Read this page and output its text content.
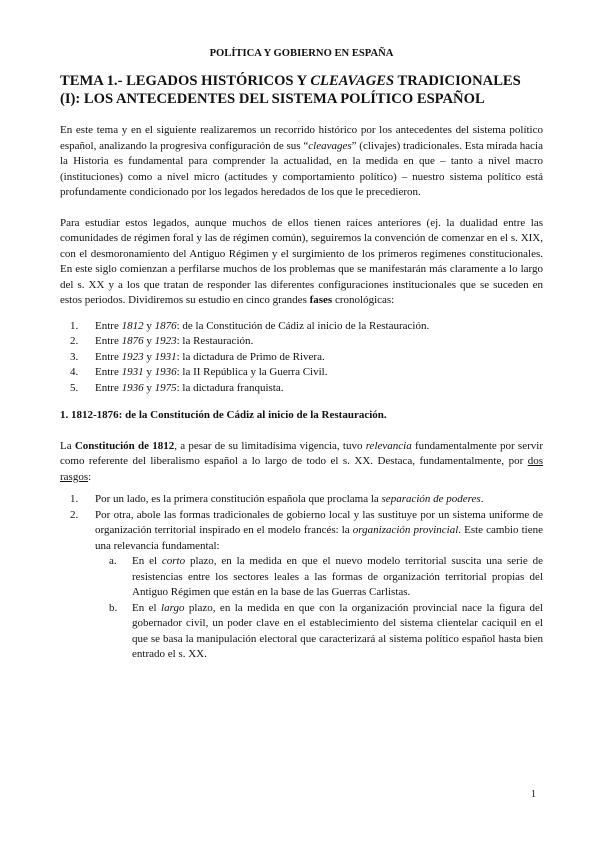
POLÍTICA Y GOBIERNO EN ESPAÑA
TEMA 1.- LEGADOS HISTÓRICOS Y CLEAVAGES TRADICIONALES (I): LOS ANTECEDENTES DEL SISTEMA POLÍTICO ESPAÑOL

En este tema y en el siguiente realizaremos un recorrido histórico por los antecedentes del sistema político español, analizando la progresiva configuración de sus “cleavages” (clivajes) tradicionales. Esta mirada hacia la Historia es fundamental para comprender la actualidad, en la medida en que – tanto a nivel macro (instituciones) como a nivel micro (actitudes y comportamiento político) – nuestro sistema político está profundamente condicionado por los legados heredados de los que le precedieron.

Para estudiar estos legados, aunque muchos de ellos tienen raíces anteriores (ej. la dualidad entre las comunidades de régimen foral y las de régimen común), seguiremos la convención de comenzar en el s. XIX, con el desmoronamiento del Antiguo Régimen y el surgimiento de los primeros regímenes constitucionales. En este siglo comienzan a perfilarse muchos de los problemas que se manifestarán más claramente a lo largo del s. XX y a los que tratan de responder las diferentes configuraciones institucionales que se suceden en estos periodos. Dividiremos su estudio en cinco grandes fases cronológicas:

1.	Entre 1812 y 1876: de la Constitución de Cádiz al inicio de la Restauración.
2.	Entre 1876 y 1923: la Restauración.
3.	Entre 1923 y 1931: la dictadura de Primo de Rivera.
4.	Entre 1931 y 1936: la II República y la Guerra Civil.
5.	Entre 1936 y 1975: la dictadura franquista.
1. 1812-1876: de la Constitución de Cádiz al inicio de la Restauración.

La Constitución de 1812, a pesar de su limitadísima vigencia, tuvo relevancia fundamentalmente por servir como referente del liberalismo español a lo largo de todo el s. XX. Destaca, fundamentalmente, por dos rasgos:

1.	Por un lado, es la primera constitución española que proclama la separación de poderes.
2.	Por otra, abole las formas tradicionales de gobierno local y las sustituye por un sistema uniforme de organización territorial inspirado en el modelo francés: la organización provincial. Este cambio tiene una relevancia fundamental:

a.	En el corto plazo, en la medida en que el nuevo modelo territorial suscita una serie de resistencias entre los sectores leales a las formas de organización territorial propias del Antiguo Régimen que están en la base de las Guerras Carlistas.
b.	En el largo plazo, en la medida en que con la organización provincial nace la figura del gobernador civil, un poder clave en el establecimiento del sistema clientelar caciquil en el que se basa la manipulación electoral que caracterizará al sistema político español hasta bien entrado el s. XX.
1
